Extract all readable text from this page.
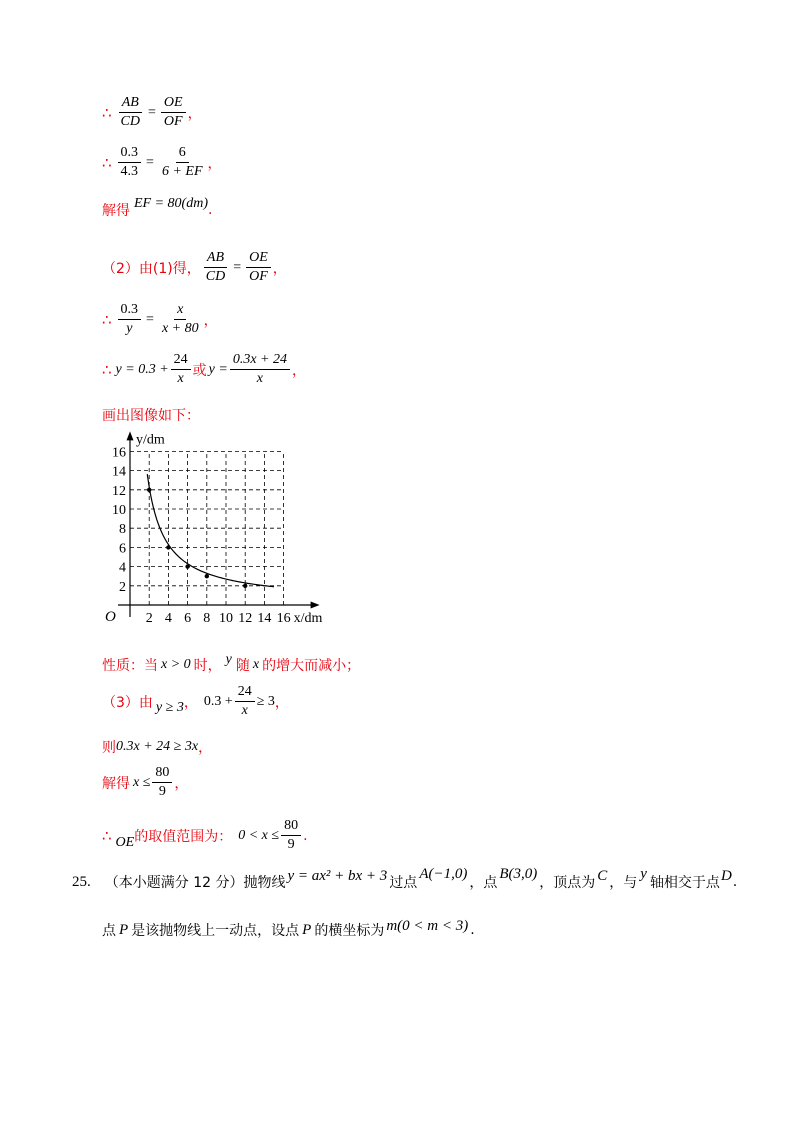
∴ $\frac{AB}{CD} = \frac{OE}{OF}$ ，
∴ $\frac{0.3}{4.3} = \frac{6}{6 + EF}$ ，
解得 EF = 80(dm) .
（2）由(1)得， $\frac{AB}{CD} = \frac{OE}{OF}$ ，
∴ $\frac{0.3}{y} = \frac{x}{x + 80}$ ，
∴ $y = 0.3 + \frac{24}{x}$ 或 $y = \frac{0.3x + 24}{x}$ ，
画出图像如下：
2 4 6 8 10 12 14 16
2
4
6
8
10
12
14
16
y/dm
x/dm
O
性质：当 x > 0 时， y 随 x 的增大而减小；
（3）由 y ≥ 3 ， $0.3 + \frac{24}{x} \ge 3$ ，
则 0.3x + 24 ≥ 3x ，
解得 $x \le \frac{80}{9}$ ，
∴ OE 的取值范围为： $0 < x \le \frac{80}{9}$ .
25. （本小题满分 12 分）抛物线 y = ax² + bx + 3 过点
A(−1,0)
，点
B(3,0)
，顶点为 C ，与
y
轴相交于点 D .
点 P 是该抛物线上一动点，设点 P 的横坐标为 m(0 < m < 3) .
